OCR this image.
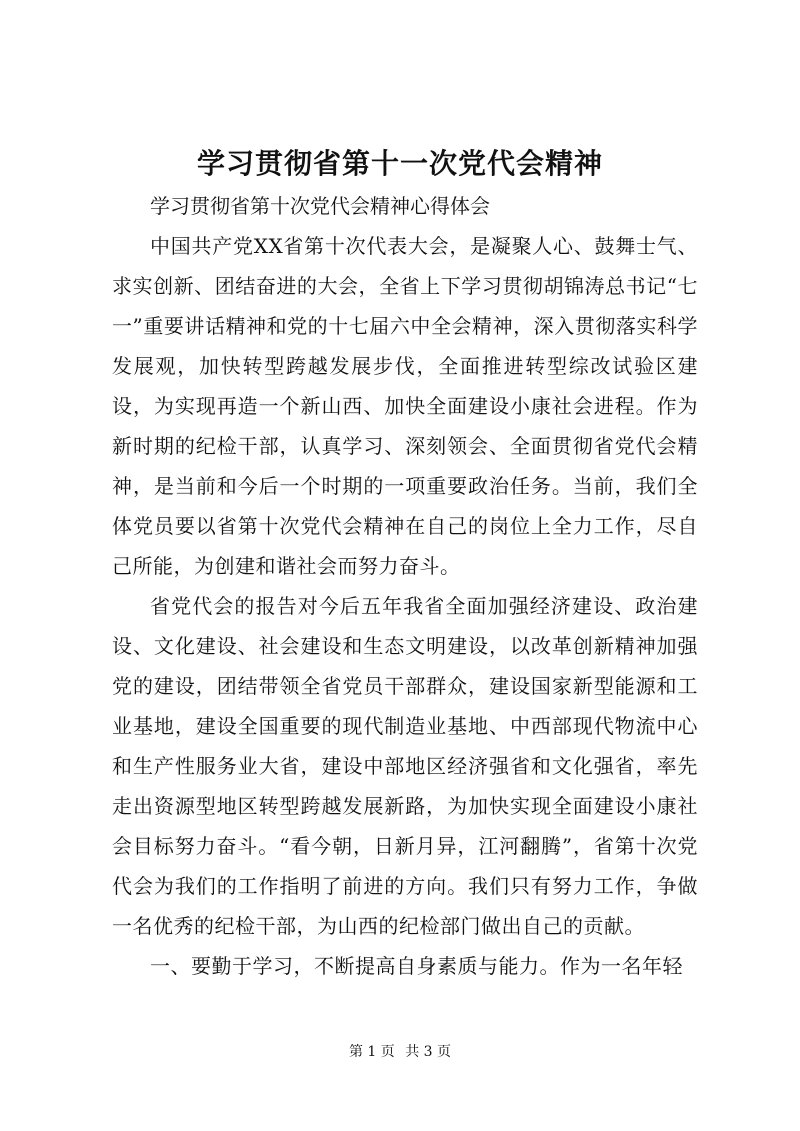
学习贯彻省第十一次党代会精神

学习贯彻省第十次党代会精神心得体会

中国共产党XX省第十次代表大会，是凝聚人心、鼓舞士气、求实创新、团结奋进的大会，全省上下学习贯彻胡锦涛总书记“七一”重要讲话精神和党的十七届六中全会精神，深入贯彻落实科学发展观，加快转型跨越发展步伐，全面推进转型综改试验区建设，为实现再造一个新山西、加快全面建设小康社会进程。作为新时期的纪检干部，认真学习、深刻领会、全面贯彻省党代会精神，是当前和今后一个时期的一项重要政治任务。当前，我们全体党员要以省第十次党代会精神在自己的岗位上全力工作，尽自己所能，为创建和谐社会而努力奋斗。

省党代会的报告对今后五年我省全面加强经济建设、政治建设、文化建设、社会建设和生态文明建设，以改革创新精神加强党的建设，团结带领全省党员干部群众，建设国家新型能源和工业基地，建设全国重要的现代制造业基地、中西部现代物流中心和生产性服务业大省，建设中部地区经济强省和文化强省，率先走出资源型地区转型跨越发展新路，为加快实现全面建设小康社会目标努力奋斗。“看今朝，日新月异，江河翻腾”，省第十次党代会为我们的工作指明了前进的方向。我们只有努力工作，争做一名优秀的纪检干部，为山西的纪检部门做出自己的贡献。

一、要勤于学习，不断提高自身素质与能力。作为一名年轻

第 1 页 共 3 页
